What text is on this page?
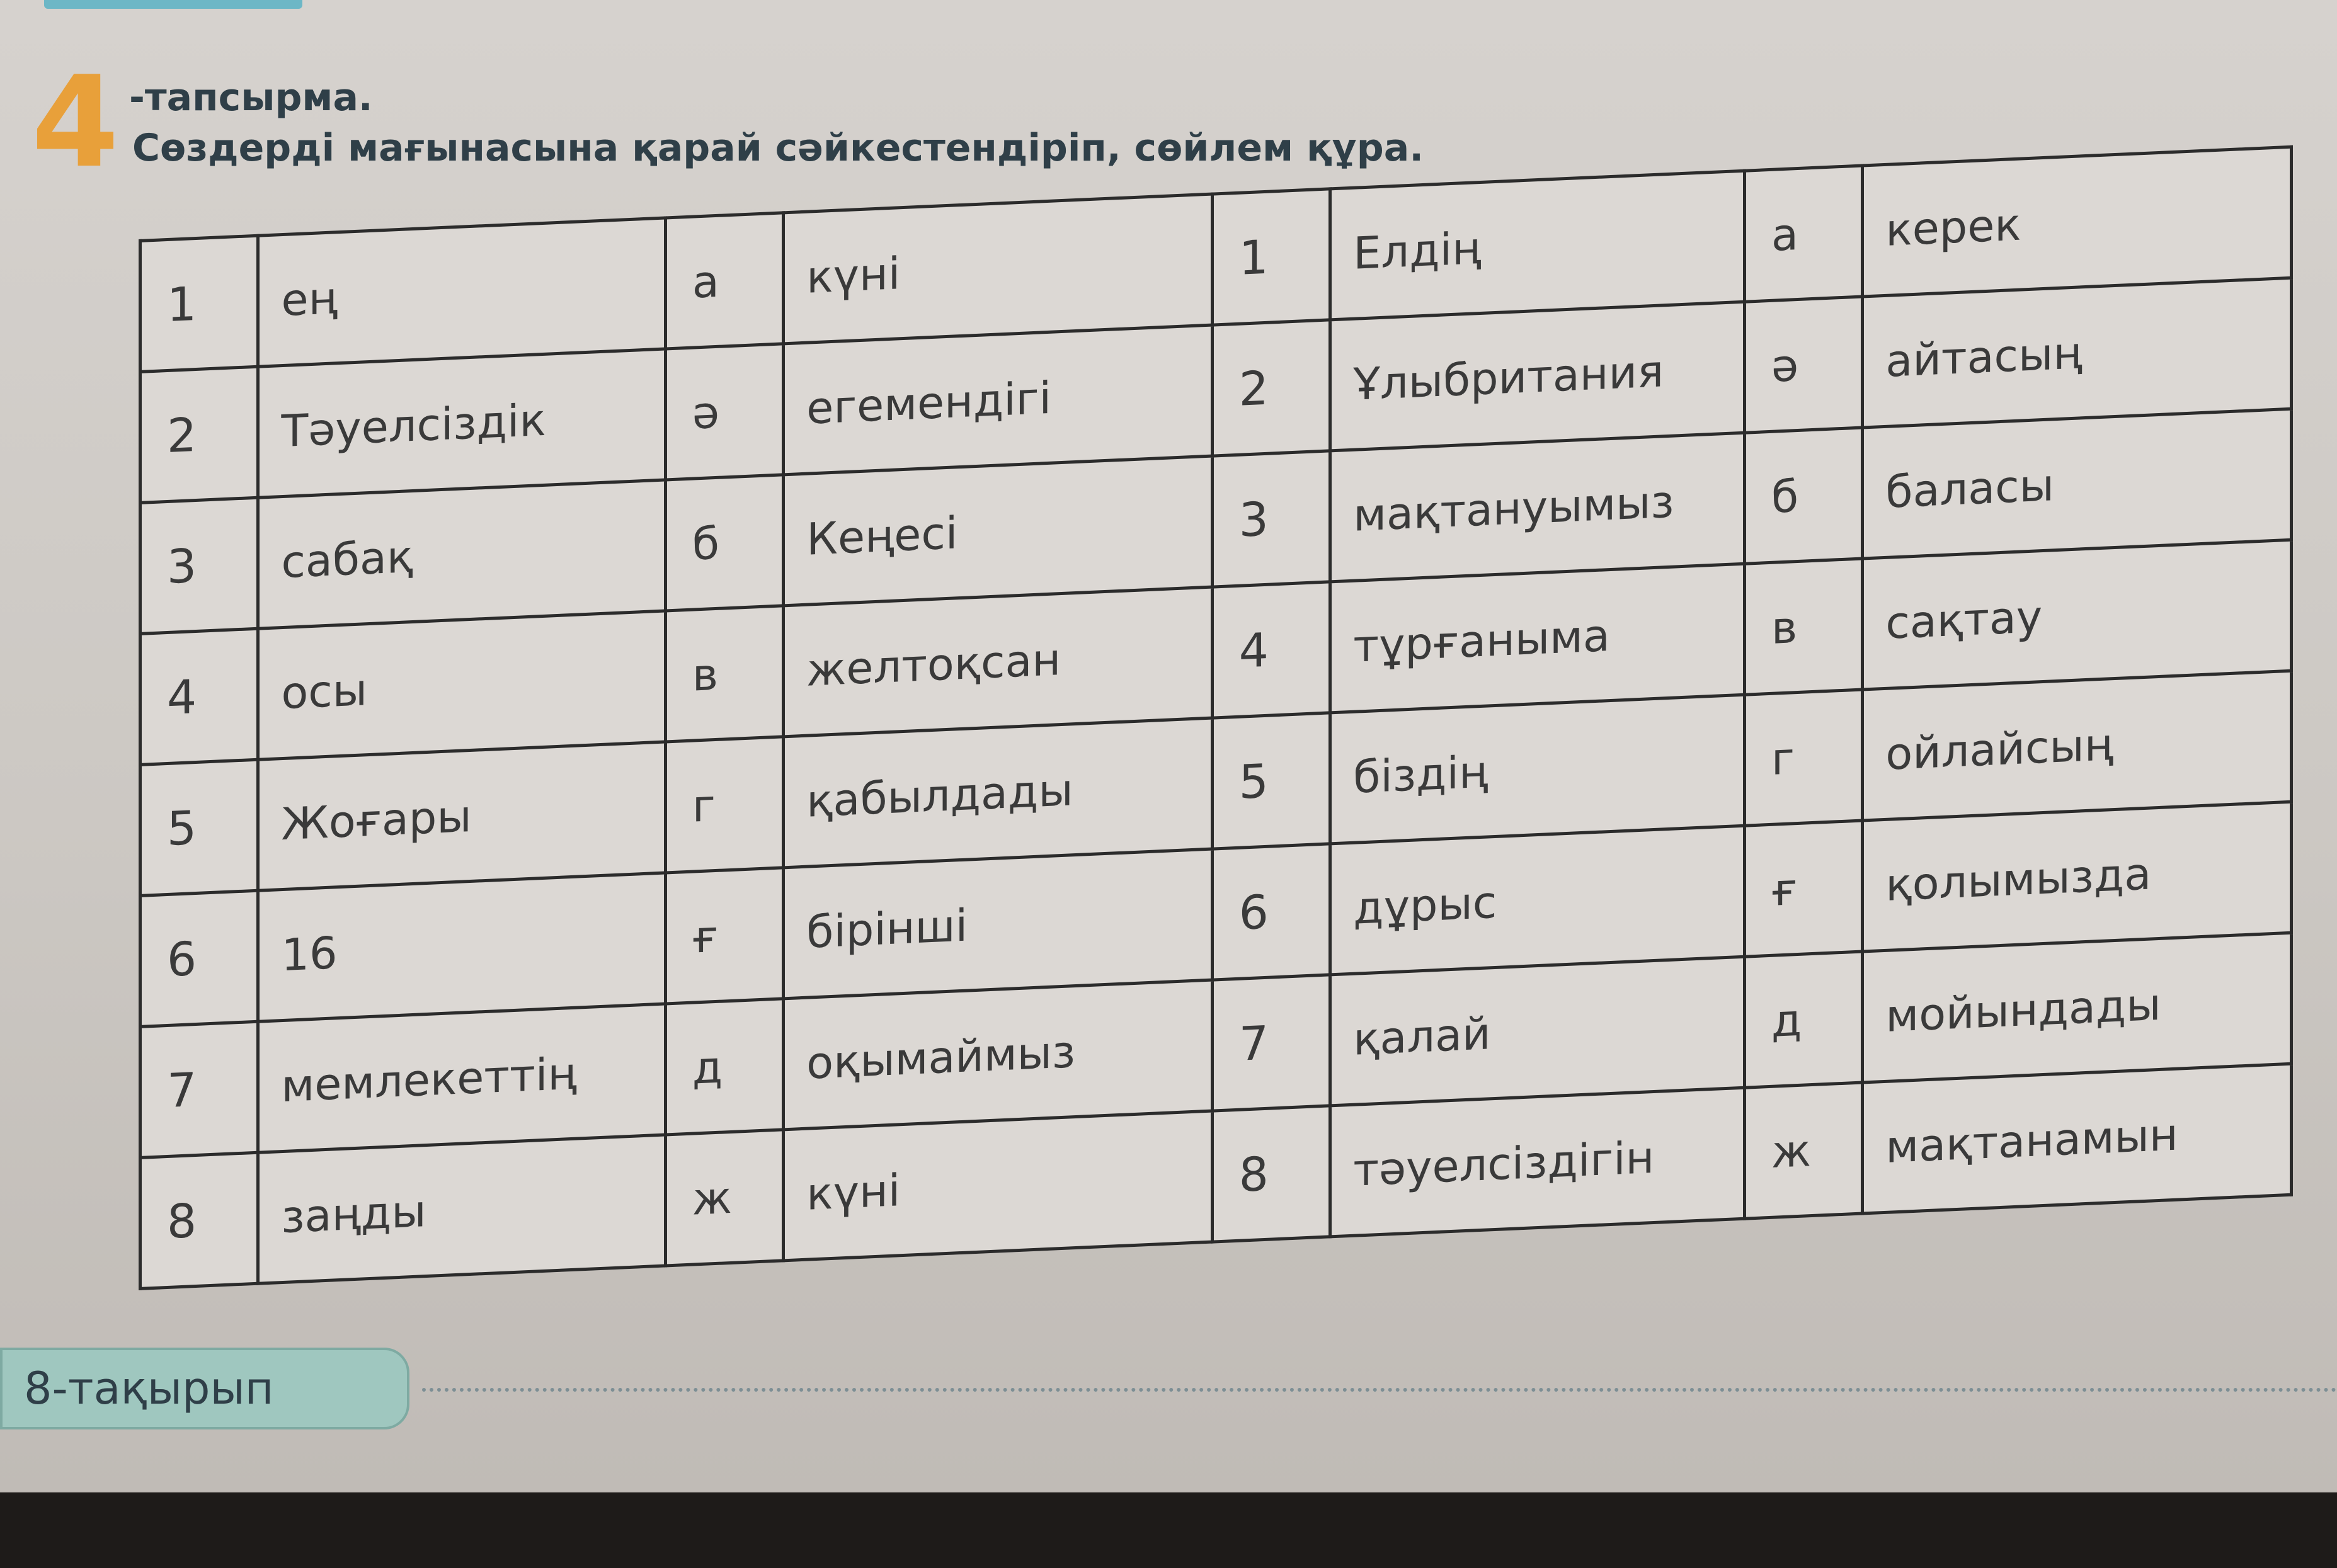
4 -тапсырма.
Сөздерді мағынасына қарай сәйкестендіріп, сөйлем құра.
1	ең	а	күні	1	Елдің	а	керек
2	Тәуелсіздік	ә	егемендігі	2	Ұлыбритания	ә	айтасың
3	сабақ	б	Кеңесі	3	мақтануымыз	б	баласы
4	осы	в	желтоқсан	4	тұрғаныма	в	сақтау
5	Жоғары	г	қабылдады	5	біздің	г	ойлайсың
6	16	ғ	бірінші	6	дұрыс	ғ	қолымызда
7	мемлекеттің	д	оқымаймыз	7	қалай	д	мойындады
8	заңды	ж	күні	8	тәуелсіздігін	ж	мақтанамын
8-тақырып
